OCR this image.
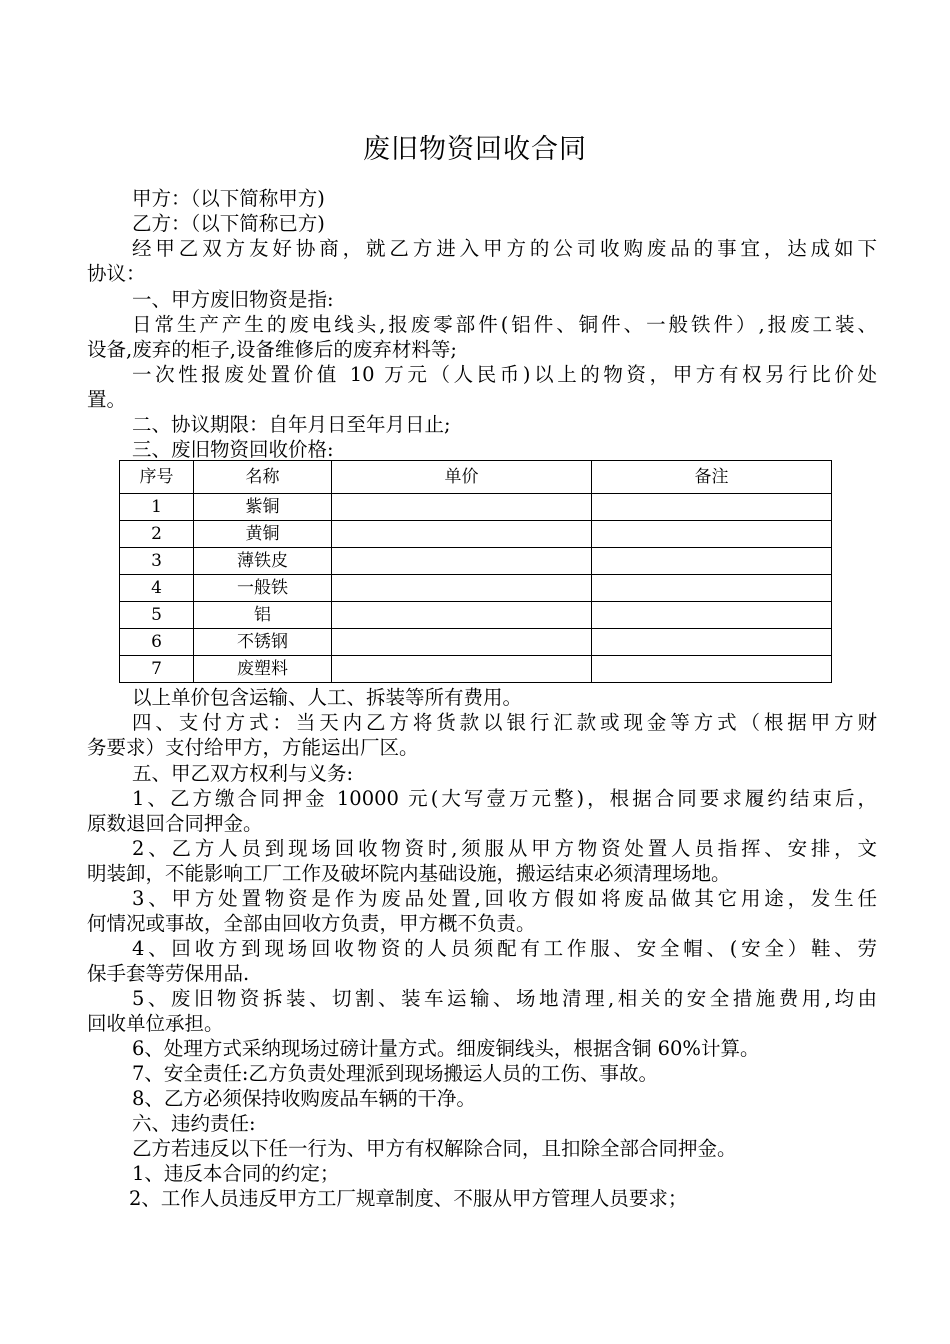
废旧物资回收合同
甲方：（以下简称甲方)
乙方：（以下简称已方)
经甲乙双方友好协商，就乙方进入甲方的公司收购废品的事宜，达成如下
协议：
一、甲方废旧物资是指:
日常生产产生的废电线头,报废零部件(铝件、铜件、一般铁件）,报废工装、
设备,废弃的柜子,设备维修后的废弃材料等;
一次性报废处置价值 10 万元（人民币)以上的物资，甲方有权另行比价处
置。
二、协议期限：自年月日至年月日止;
三、废旧物资回收价格:
序号	名称	单价	备注
1	紫铜		
2	黄铜		
3	薄铁皮		
4	一般铁		
5	铝		
6	不锈钢		
7	废塑料		
以上单价包含运输、人工、拆装等所有费用。
四、支付方式：当天内乙方将货款以银行汇款或现金等方式（根据甲方财
务要求）支付给甲方，方能运出厂区。
五、甲乙双方权利与义务:
1、乙方缴合同押金 10000 元(大写壹万元整)，根据合同要求履约结束后，
原数退回合同押金。
2、乙方人员到现场回收物资时,须服从甲方物资处置人员指挥、安排，文
明装卸，不能影响工厂工作及破坏院内基础设施，搬运结束必须清理场地。
3、甲方处置物资是作为废品处置,回收方假如将废品做其它用途，发生任
何情况或事故，全部由回收方负责，甲方概不负责。
4、回收方到现场回收物资的人员须配有工作服、安全帽、(安全）鞋、劳
保手套等劳保用品.
5、废旧物资拆装、切割、装车运输、场地清理,相关的安全措施费用,均由
回收单位承担。
6、处理方式采纳现场过磅计量方式。细废铜线头，根据含铜 60%计算。
7、安全责任:乙方负责处理派到现场搬运人员的工伤、事故。
8、乙方必须保持收购废品车辆的干净。
六、违约责任:
乙方若违反以下任一行为、甲方有权解除合同，且扣除全部合同押金。
1、违反本合同的约定；
2、工作人员违反甲方工厂规章制度、不服从甲方管理人员要求；
